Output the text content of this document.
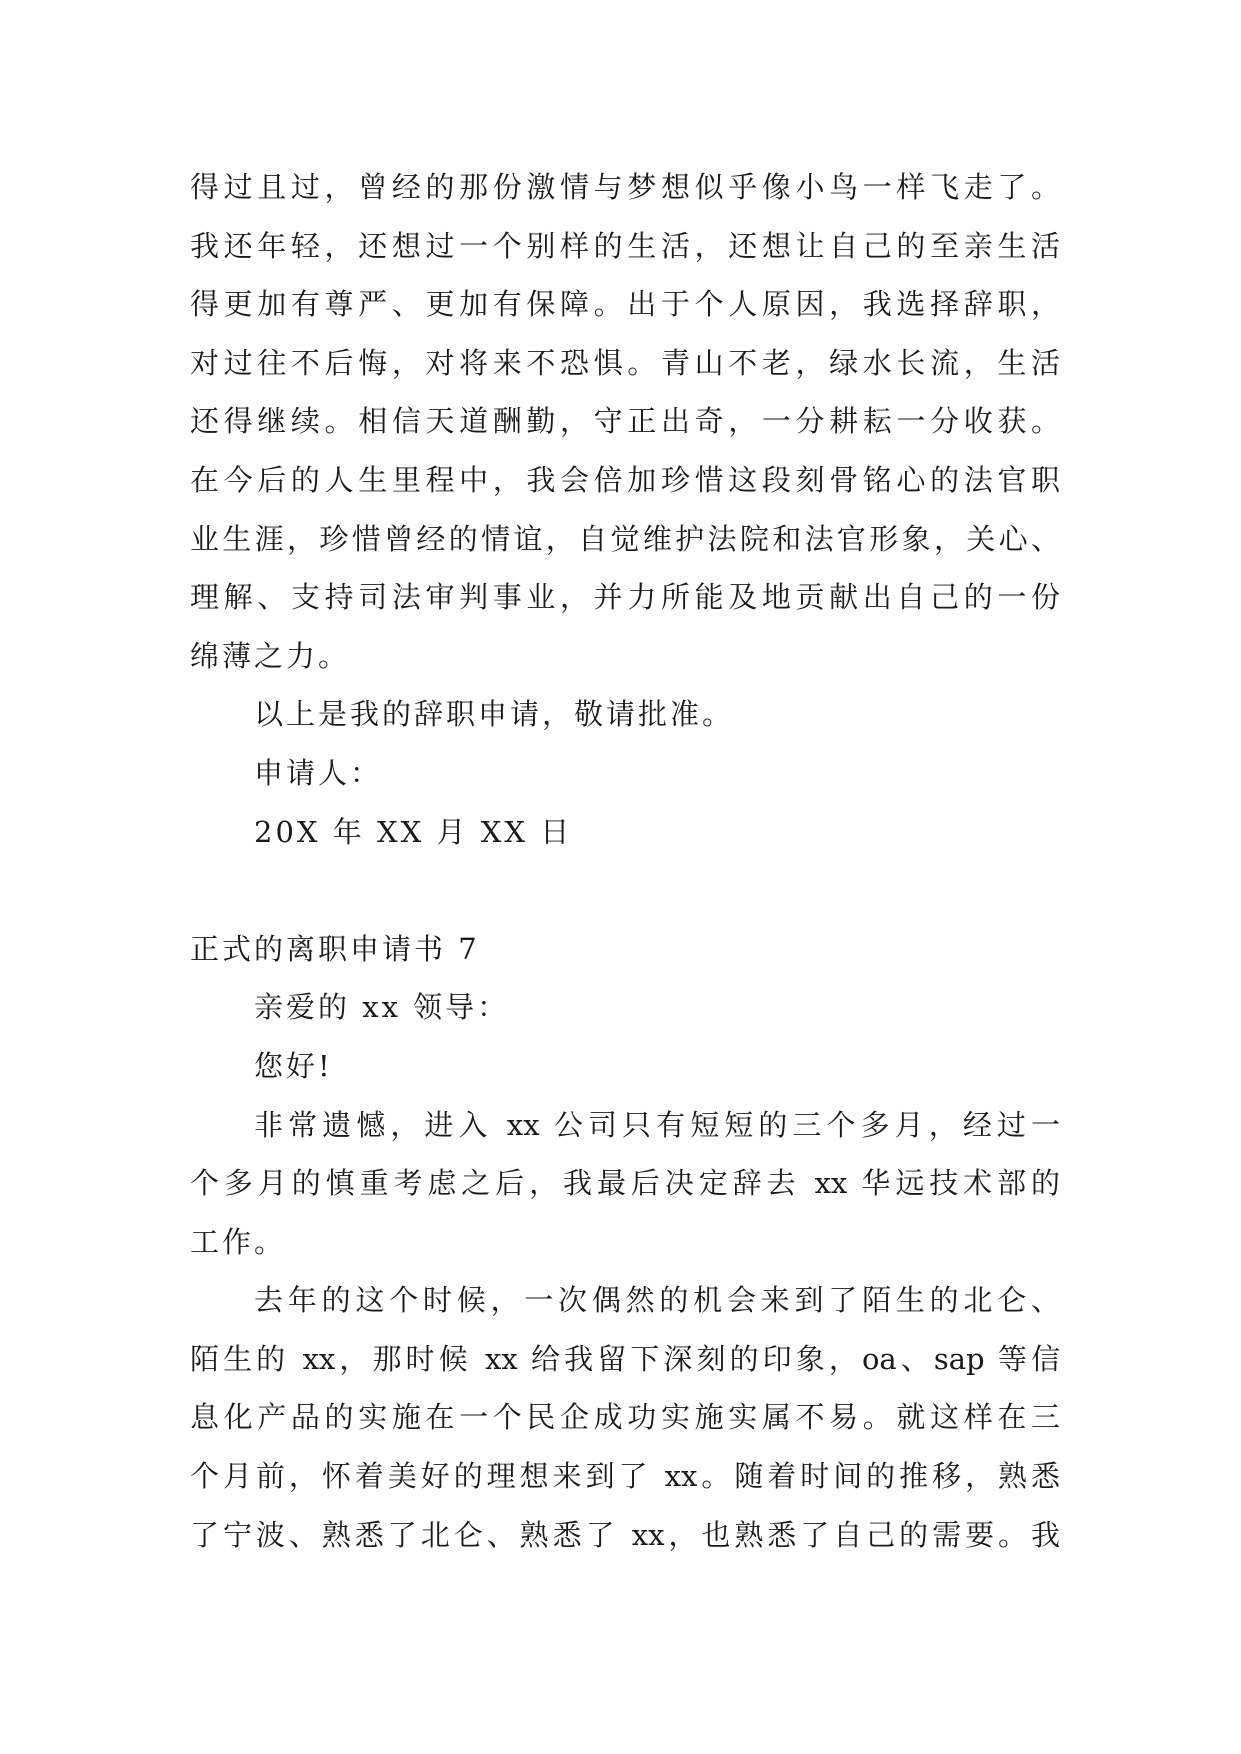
得过且过，曾经的那份激情与梦想似乎像小鸟一样飞走了。
我还年轻，还想过一个别样的生活，还想让自己的至亲生活
得更加有尊严、更加有保障。出于个人原因，我选择辞职，
对过往不后悔，对将来不恐惧。青山不老，绿水长流，生活
还得继续。相信天道酬勤，守正出奇，一分耕耘一分收获。
在今后的人生里程中，我会倍加珍惜这段刻骨铭心的法官职
业生涯，珍惜曾经的情谊，自觉维护法院和法官形象，关心、
理解、支持司法审判事业，并力所能及地贡献出自己的一份
绵薄之力。
以上是我的辞职申请，敬请批准。
申请人：
20X 年 XX 月 XX 日
正式的离职申请书 7
亲爱的 xx 领导：
您好!
非常遗憾，进入 xx 公司只有短短的三个多月，经过一
个多月的慎重考虑之后，我最后决定辞去 xx 华远技术部的
工作。
去年的这个时候，一次偶然的机会来到了陌生的北仑、
陌生的 xx，那时候 xx 给我留下深刻的印象，oa、sap 等信
息化产品的实施在一个民企成功实施实属不易。就这样在三
个月前，怀着美好的理想来到了 xx。随着时间的推移，熟悉
了宁波、熟悉了北仑、熟悉了 xx，也熟悉了自己的需要。我
